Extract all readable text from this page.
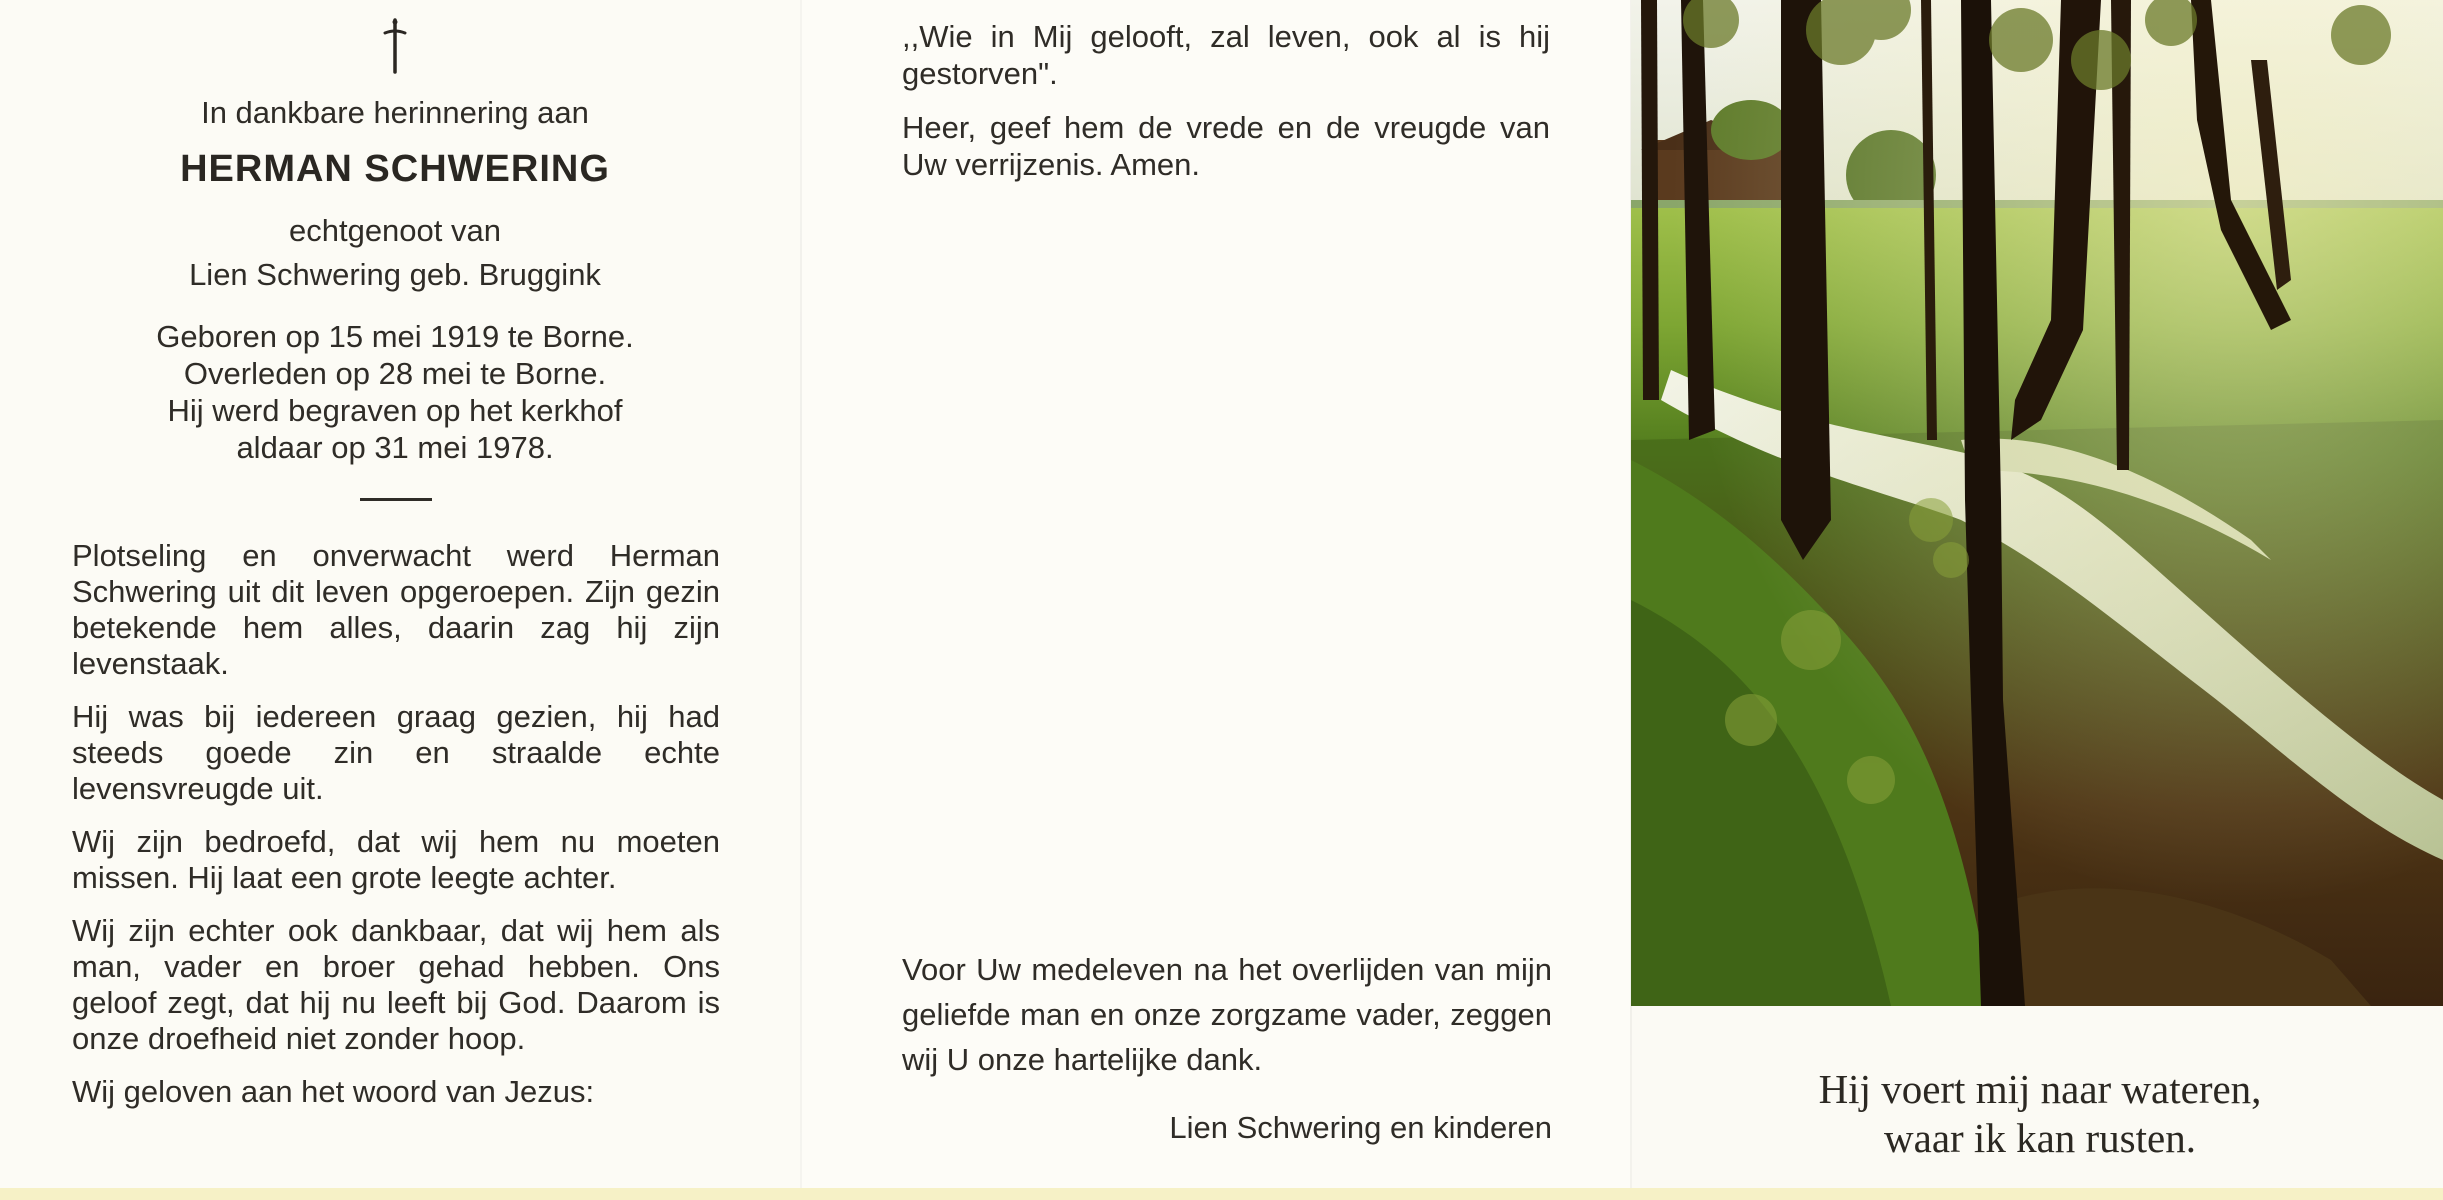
In dankbare herinnering aan
HERMAN SCHWERING
echtgenoot van
Lien Schwering geb. Bruggink
Geboren op 15 mei 1919 te Borne.
Overleden op 28 mei te Borne.
Hij werd begraven op het kerkhof
aldaar op 31 mei 1978.

Plotseling en onverwacht werd Herman Schwering uit dit leven opgeroepen. Zijn gezin betekende hem alles, daarin zag hij zijn levenstaak.

Hij was bij iedereen graag gezien, hij had steeds goede zin en straalde echte levensvreugde uit.

Wij zijn bedroefd, dat wij hem nu moeten missen. Hij laat een grote leegte achter.

Wij zijn echter ook dankbaar, dat wij hem als man, vader en broer gehad hebben. Ons geloof zegt, dat hij nu leeft bij God. Daarom is onze droefheid niet zonder hoop.

Wij geloven aan het woord van Jezus:

,,Wie in Mij gelooft, zal leven, ook al is hij gestorven".

Heer, geef hem de vrede en de vreugde van Uw verrijzenis. Amen.

Voor Uw medeleven na het overlijden van mijn geliefde man en onze zorgzame vader, zeggen wij U onze hartelijke dank.
Lien Schwering en kinderen
Hij voert mij naar wateren,
waar ik kan rusten.
